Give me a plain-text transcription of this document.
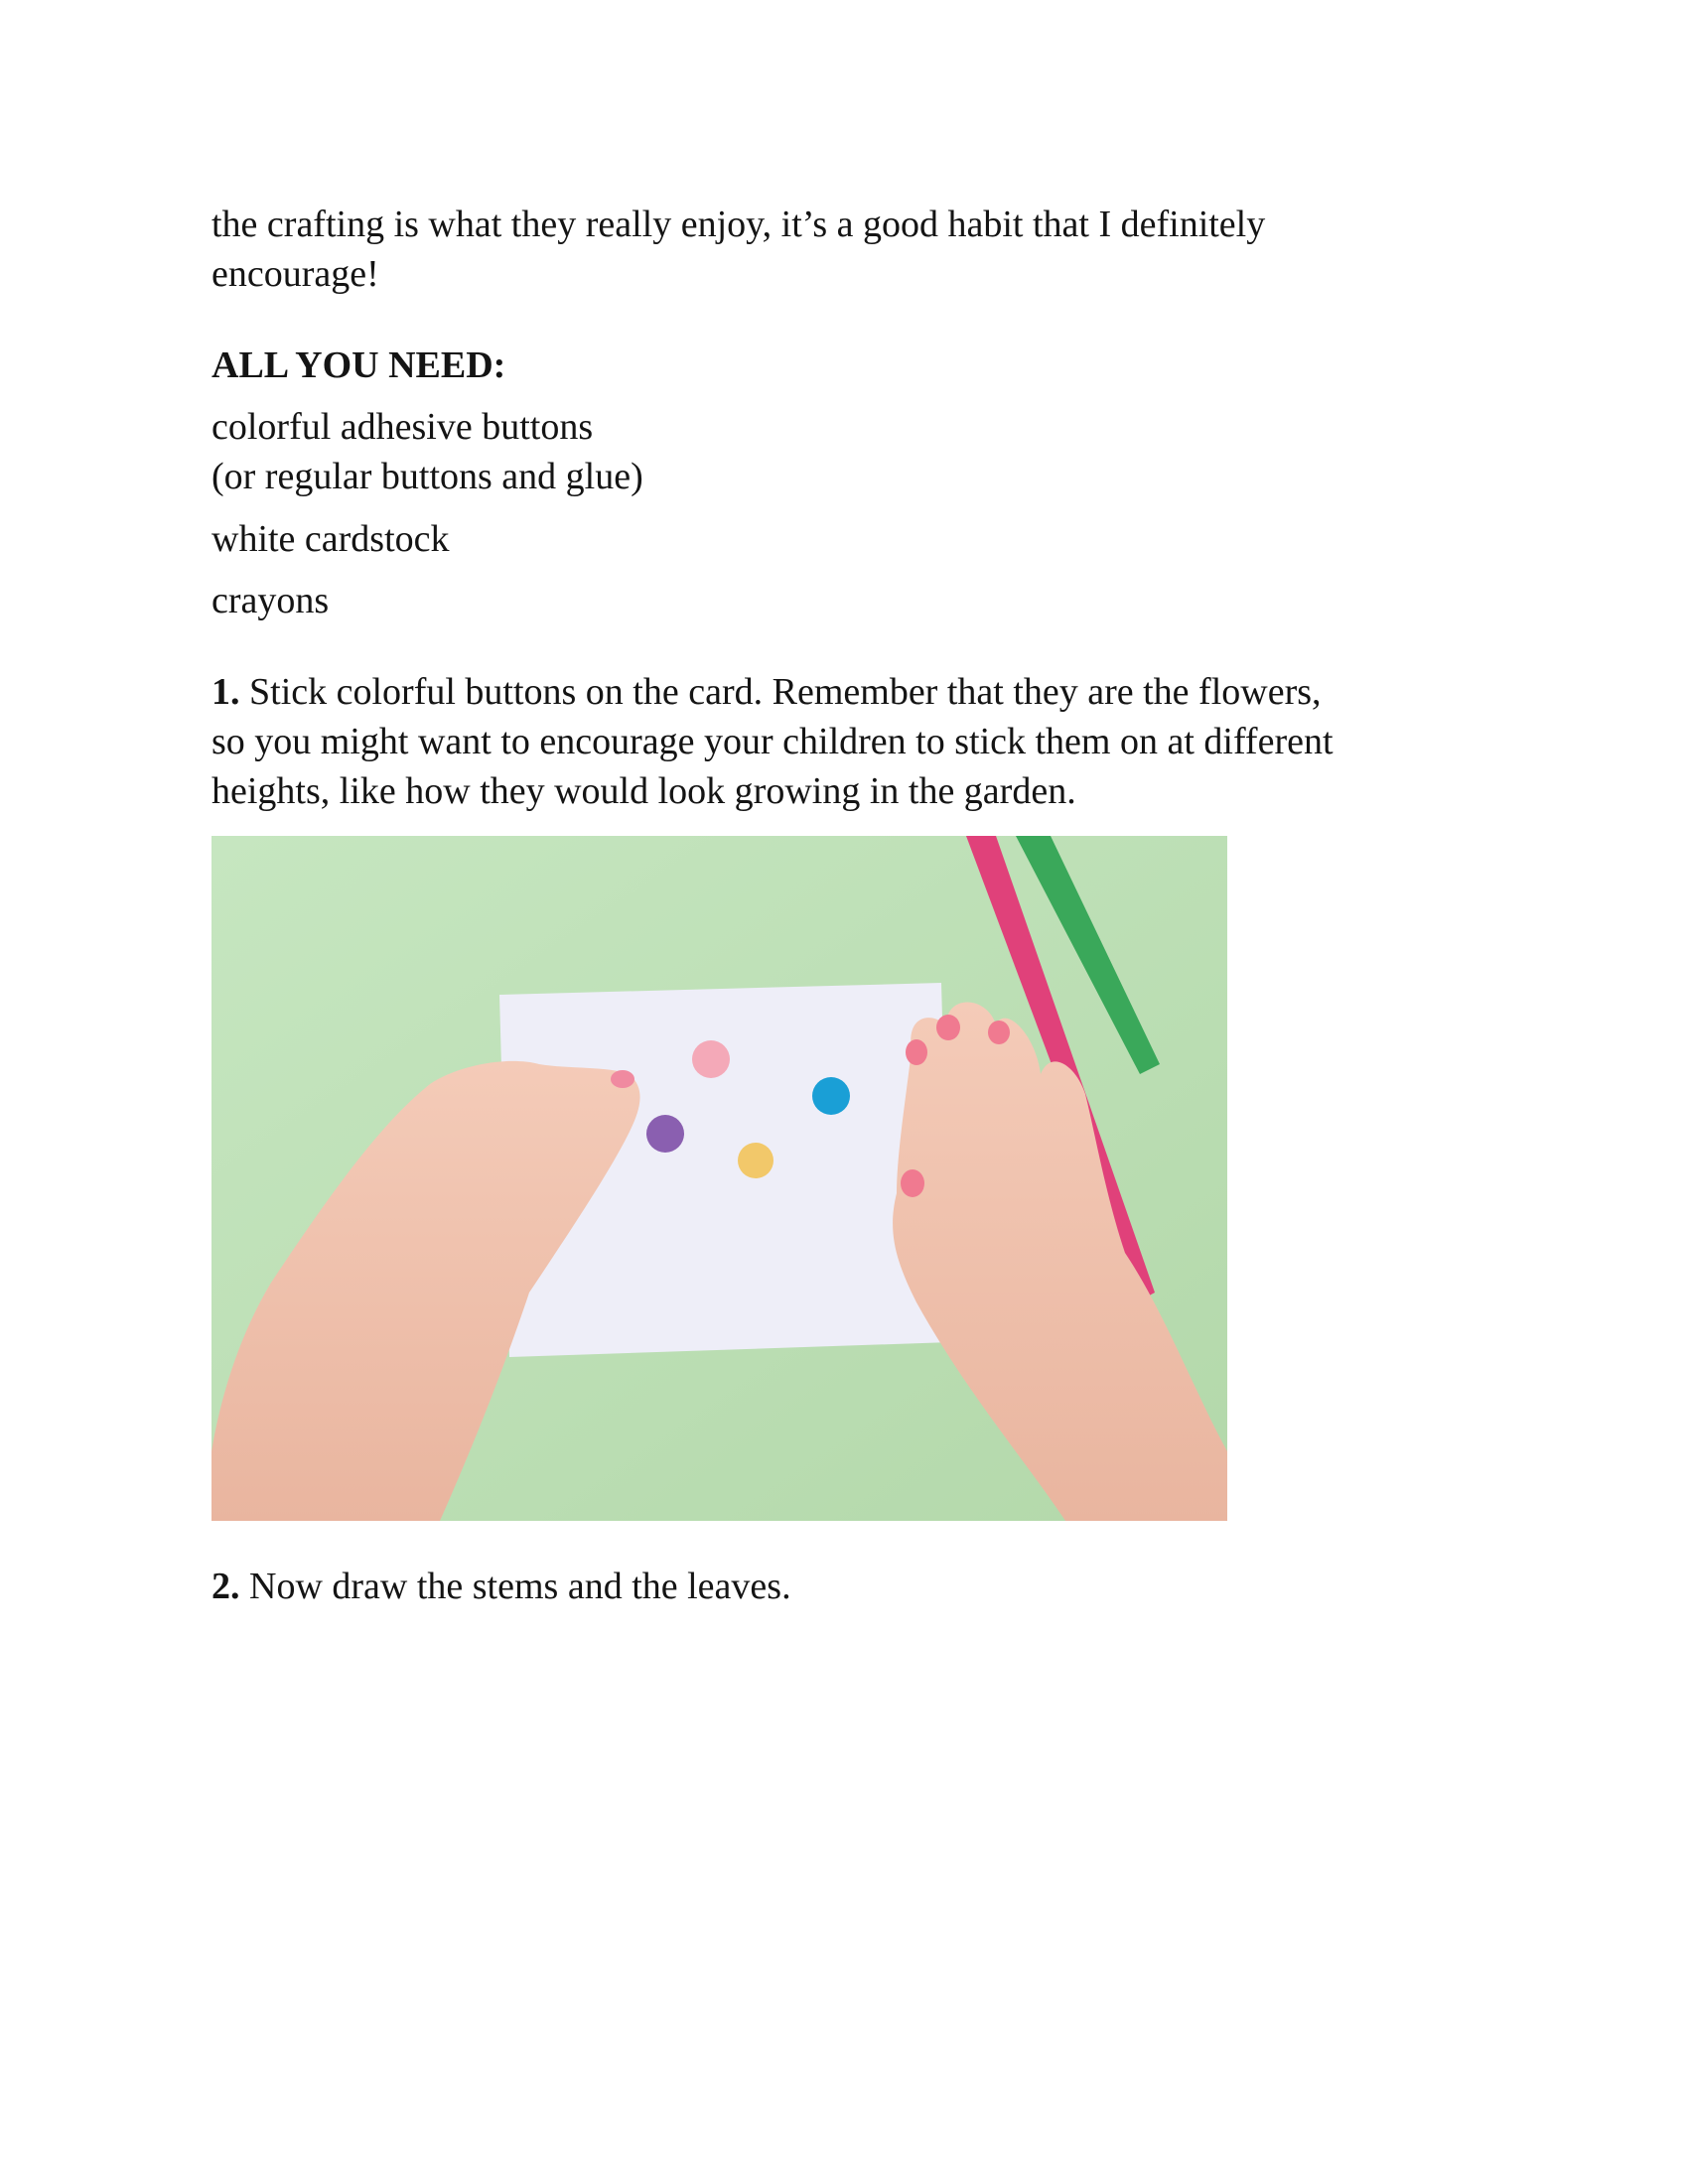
the crafting is what they really enjoy, it’s a good habit that I definitely

encourage!

ALL YOU NEED:

colorful adhesive buttons

(or regular buttons and glue)

white cardstock

crayons

1. Stick colorful buttons on the card. Remember that they are the flowers,

so you might want to encourage your children to stick them on at different

heights, like how they would look growing in the garden.

2. Now draw the stems and the leaves.
